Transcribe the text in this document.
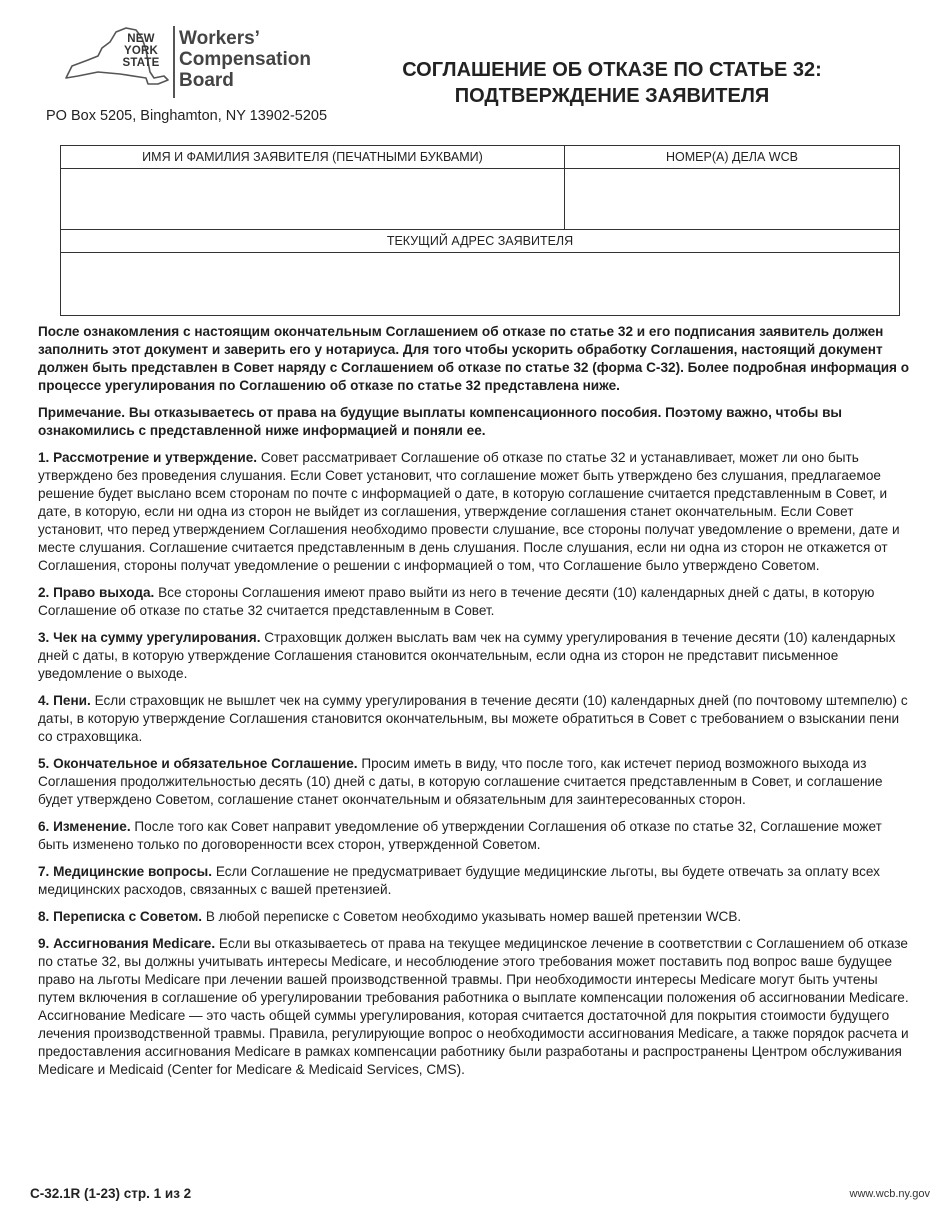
NEW
YORK
STATE
Workers’
Compensation
Board
PO Box 5205, Binghamton, NY 13902-5205
СОГЛАШЕНИЕ ОБ ОТКАЗЕ ПО СТАТЬЕ 32:
ПОДТВЕРЖДЕНИЕ ЗАЯВИТЕЛЯ
ИМЯ И ФАМИЛИЯ ЗАЯВИТЕЛЯ (ПЕЧАТНЫМИ БУКВАМИ)	НОМЕР(А) ДЕЛА WCB
ТЕКУЩИЙ АДРЕС ЗАЯВИТЕЛЯ

После ознакомления с настоящим окончательным Соглашением об отказе по статье 32 и его подписания заявитель должен заполнить этот документ и заверить его у нотариуса. Для того чтобы ускорить обработку Соглашения, настоящий документ должен быть представлен в Совет наряду с Соглашением об отказе по статье 32 (форма C-32). Более подробная информация о процессе урегулирования по Соглашению об отказе по статье 32 представлена ниже.

Примечание. Вы отказываетесь от права на будущие выплаты компенсационного пособия. Поэтому важно, чтобы вы ознакомились с представленной ниже информацией и поняли ее.

1. Рассмотрение и утверждение. Совет рассматривает Соглашение об отказе по статье 32 и устанавливает, может ли оно быть утверждено без проведения слушания. Если Совет установит, что соглашение может быть утверждено без слушания, предлагаемое решение будет выслано всем сторонам по почте с информацией о дате, в которую соглашение считается представленным в Совет, и дате, в которую, если ни одна из сторон не выйдет из соглашения, утверждение соглашения станет окончательным. Если Совет установит, что перед утверждением Соглашения необходимо провести слушание, все стороны получат уведомление о времени, дате и месте слушания. Соглашение считается представленным в день слушания. После слушания, если ни одна из сторон не откажется от Соглашения, стороны получат уведомление о решении с информацией о том, что Соглашение было утверждено Советом.

2. Право выхода. Все стороны Соглашения имеют право выйти из него в течение десяти (10) календарных дней с даты, в которую Соглашение об отказе по статье 32 считается представленным в Совет.

3. Чек на сумму урегулирования. Страховщик должен выслать вам чек на сумму урегулирования в течение десяти (10) календарных дней с даты, в которую утверждение Соглашения становится окончательным, если одна из сторон не представит письменное уведомление о выходе.

4. Пени. Если страховщик не вышлет чек на сумму урегулирования в течение десяти (10) календарных дней (по почтовому штемпелю) с даты, в которую утверждение Соглашения становится окончательным, вы можете обратиться в Совет с требованием о взыскании пени со страховщика.

5. Окончательное и обязательное Соглашение. Просим иметь в виду, что после того, как истечет период возможного выхода из Соглашения продолжительностью десять (10) дней с даты, в которую соглашение считается представленным в Совет, и соглашение будет утверждено Советом, соглашение станет окончательным и обязательным для заинтересованных сторон.

6. Изменение. После того как Совет направит уведомление об утверждении Соглашения об отказе по статье 32, Соглашение может быть изменено только по договоренности всех сторон, утвержденной Советом.

7. Медицинские вопросы. Если Соглашение не предусматривает будущие медицинские льготы, вы будете отвечать за оплату всех медицинских расходов, связанных с вашей претензией.

8. Переписка с Советом. В любой переписке с Советом необходимо указывать номер вашей претензии WCB.

9. Ассигнования Medicare. Если вы отказываетесь от права на текущее медицинское лечение в соответствии с Соглашением об отказе по статье 32, вы должны учитывать интересы Medicare, и несоблюдение этого требования может поставить под вопрос ваше будущее право на льготы Medicare при лечении вашей производственной травмы. При необходимости интересы Medicare могут быть учтены путем включения в соглашение об урегулировании требования работника о выплате компенсации положения об ассигновании Medicare. Ассигнование Medicare — это часть общей суммы урегулирования, которая считается достаточной для покрытия стоимости будущего лечения производственной травмы. Правила, регулирующие вопрос о необходимости ассигнования Medicare, а также порядок расчета и предоставления ассигнования Medicare в рамках компенсации работнику были разработаны и распространены Центром обслуживания Medicare и Medicaid (Center for Medicare & Medicaid Services, CMS).

C-32.1R (1-23) стр. 1 из 2	www.wcb.ny.gov
